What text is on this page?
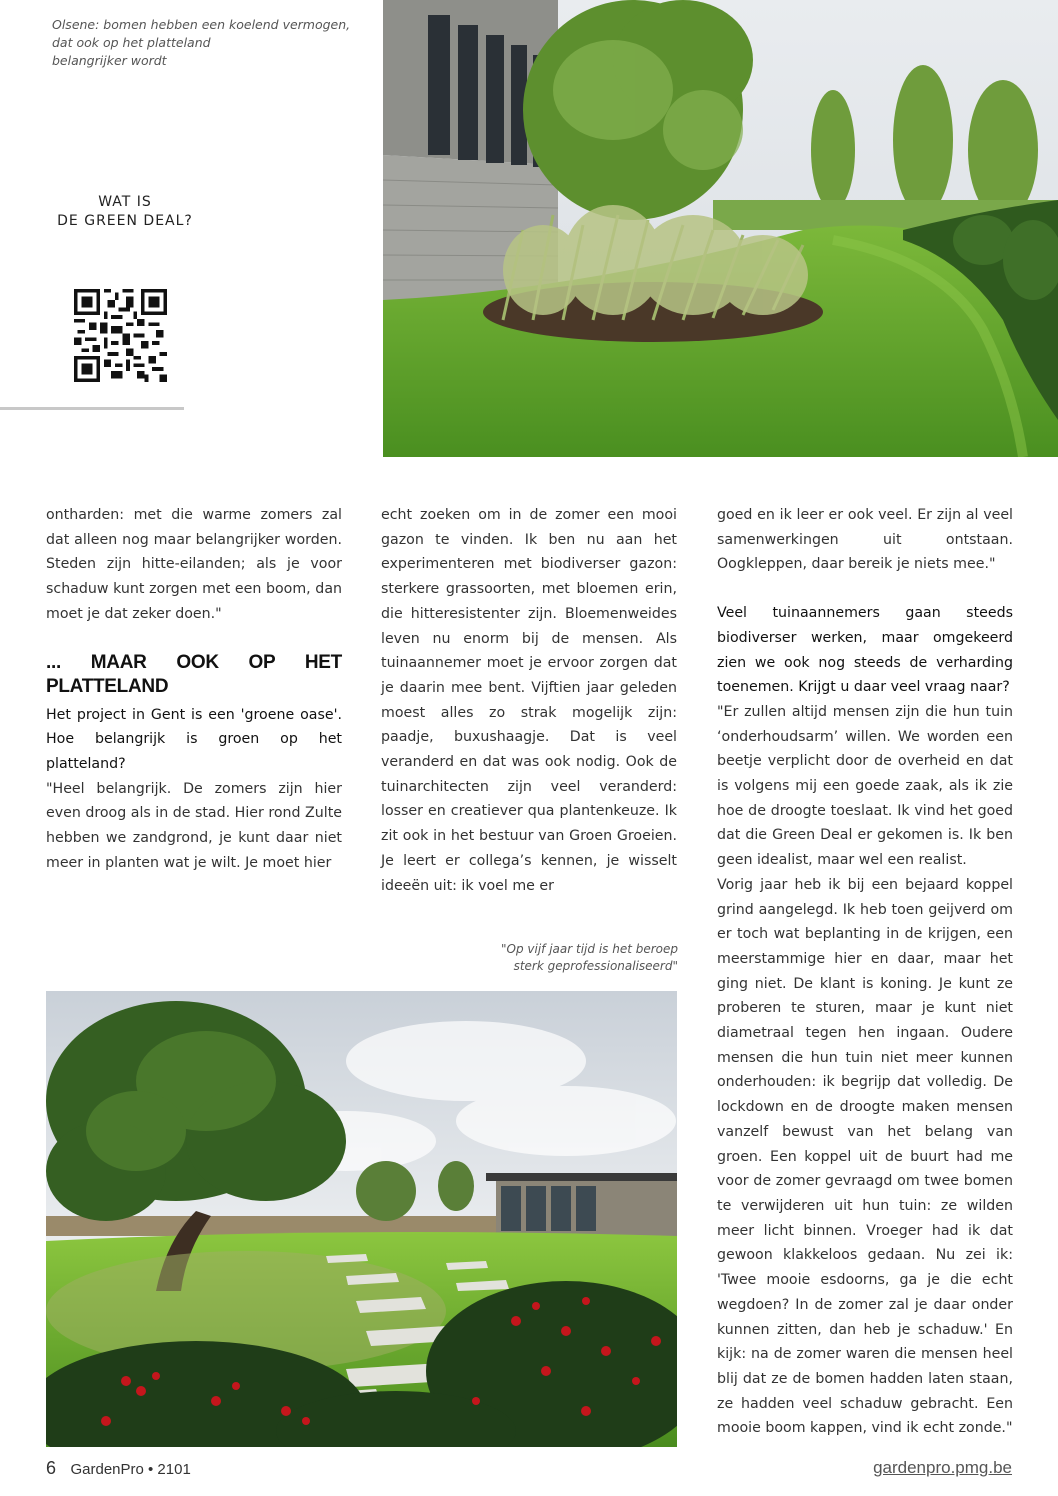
Olsene: bomen hebben een koelend vermogen,
dat ook op het platteland
belangrijker wordt
WAT IS
DE GREEN DEAL?

ontharden: met die warme zomers zal dat alleen nog maar belangrijker worden. Steden zijn hitte-eilanden; als je voor schaduw kunt zorgen met een boom, dan moet je dat zeker doen."

... MAAR OOK OP HET PLATTELAND

Het project in Gent is een 'groene oase'. Hoe belangrijk is groen op het platteland?

"Heel belangrijk. De zomers zijn hier even droog als in de stad. Hier rond Zulte hebben we zandgrond, je kunt daar niet meer in planten wat je wilt. Je moet hier

echt zoeken om in de zomer een mooi gazon te vinden. Ik ben nu aan het experimenteren met biodiverser gazon: sterkere grassoorten, met bloemen erin, die hitteresistenter zijn. Bloemenweides leven nu enorm bij de mensen. Als tuinaannemer moet je ervoor zorgen dat je daarin mee bent. Vijftien jaar geleden moest alles zo strak mogelijk zijn: paadje, buxushaagje. Dat is veel veranderd en dat was ook nodig. Ook de tuinarchitecten zijn veel veranderd: losser en creatiever qua plantenkeuze. Ik zit ook in het bestuur van Groen Groeien. Je leert er collega’s kennen, je wisselt ideeën uit: ik voel me er

"Op vijf jaar tijd is het beroep
sterk geprofessionaliseerd"

goed en ik leer er ook veel. Er zijn al veel samenwerkingen uit ontstaan. Oogkleppen, daar bereik je niets mee."

Veel tuinaannemers gaan steeds biodiverser werken, maar omgekeerd zien we ook nog steeds de verharding toenemen. Krijgt u daar veel vraag naar?

"Er zullen altijd mensen zijn die hun tuin ‘onderhoudsarm’ willen. We worden een beetje verplicht door de overheid en dat is volgens mij een goede zaak, als ik zie hoe de droogte toeslaat. Ik vind het goed dat die Green Deal er gekomen is. Ik ben geen idealist, maar wel een realist.

Vorig jaar heb ik bij een bejaard koppel grind aangelegd. Ik heb toen geijverd om er toch wat beplanting in de krijgen, een meerstammige hier en daar, maar het ging niet. De klant is koning. Je kunt ze proberen te sturen, maar je kunt niet diametraal tegen hen ingaan. Oudere mensen die hun tuin niet meer kunnen onderhouden: ik begrijp dat volledig. De lockdown en de droogte maken mensen vanzelf bewust van het belang van groen. Een koppel uit de buurt had me voor de zomer gevraagd om twee bomen te verwijderen uit hun tuin: ze wilden meer licht binnen. Vroeger had ik dat gewoon klakkeloos gedaan. Nu zei ik: 'Twee mooie esdoorns, ga je die echt wegdoen? In de zomer zal je daar onder kunnen zitten, dan heb je schaduw.' En kijk: na de zomer waren die mensen heel blij dat ze de bomen hadden laten staan, ze hadden veel schaduw gebracht. Een mooie boom kappen, vind ik echt zonde."

6 GardenPro • 2101	gardenpro.pmg.be
